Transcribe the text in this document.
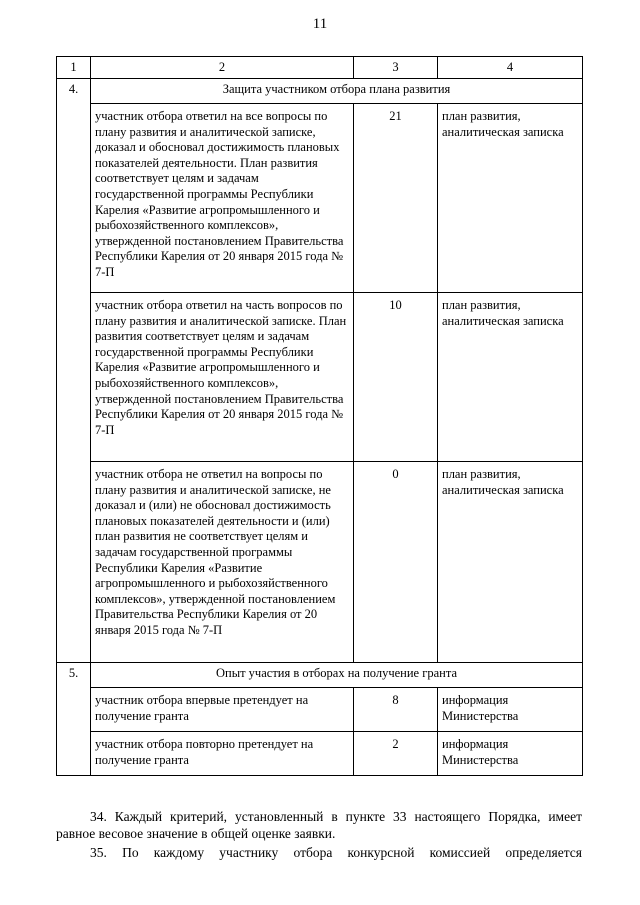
11
1	2	3	4
4.	Защита участником отбора плана развития		
	участник отбора ответил на все вопросы по плану развития и аналитической записке, доказал и обосновал достижимость плановых показателей деятельности. План развития соответствует целям и задачам государственной программы Республики Карелия «Развитие агропромышленного и рыбохозяйственного комплексов», утвержденной постановлением Правительства Республики Карелия от 20 января 2015 года № 7-П	21	план развития, аналитическая записка
	участник отбора ответил на часть вопросов по плану развития и аналитической записке. План развития соответствует целям и задачам государственной программы Республики Карелия «Развитие агропромышленного и рыбохозяйственного комплексов», утвержденной постановлением Правительства Республики Карелия от 20 января 2015 года № 7-П	10	план развития, аналитическая записка
	участник отбора не ответил на вопросы по плану развития и аналитической записке, не доказал и (или) не обосновал достижимость плановых показателей деятельности и (или) план развития не соответствует целям и задачам государственной программы Республики Карелия «Развитие агропромышленного и рыбохозяйственного комплексов», утвержденной постановлением Правительства Республики Карелия от 20 января 2015 года № 7-П	0	план развития, аналитическая записка
5.	Опыт участия в отборах на получение гранта		
	участник отбора впервые претендует на получение гранта	8	информация Министерства
	участник отбора повторно претендует на получение гранта	2	информация Министерства
34. Каждый критерий, установленный в пункте 33 настоящего Порядка, имеет равное весовое значение в общей оценке заявки.
35. По каждому участнику отбора конкурсной комиссией определяется
